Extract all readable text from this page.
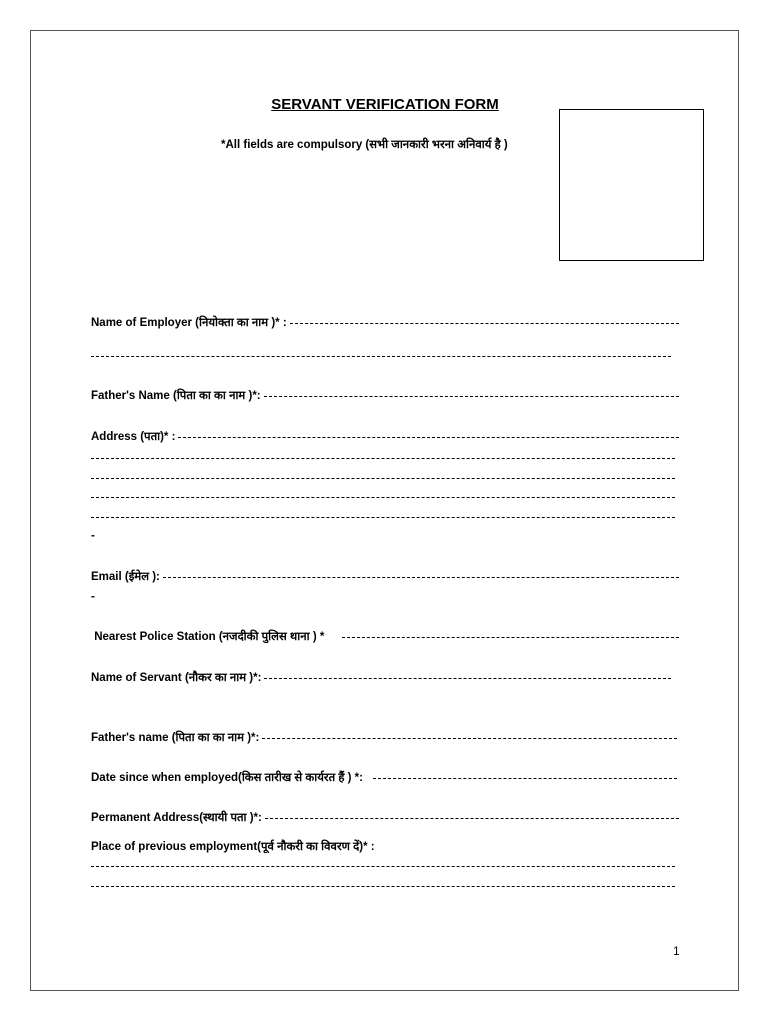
SERVANT VERIFICATION FORM
*All fields are compulsory (सभी जानकारी भरना अनिवार्य है )
Name of Employer (नियोक्ता का नाम )* :
Father's Name (पिता का का नाम )*:
Address (पता)* :
-
Email (ईमेल ):
-
Nearest Police Station (नजदीकी पुलिस थाना ) *
Name of Servant (नौकर का नाम )*:
Father's name (पिता का का नाम )*:
Date since when employed(किस तारीख से कार्यरत हैं ) *:
Permanent Address(स्थायी पता )*:
Place of previous employment(पूर्व नौकरी का विवरण दें)* :
1
